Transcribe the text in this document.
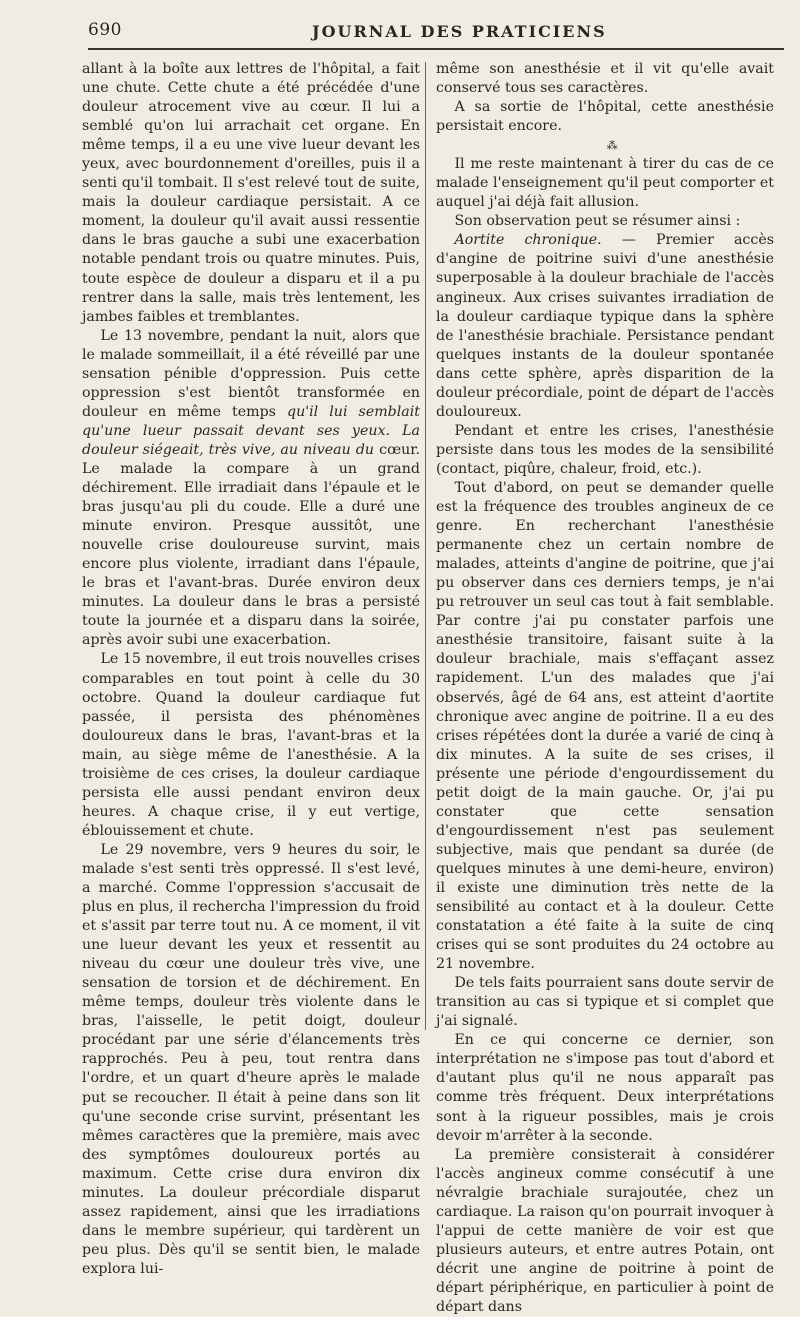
690	JOURNAL DES PRATICIENS

allant à la boîte aux lettres de l'hôpital, a fait une chute. Cette chute a été précédée d'une douleur atrocement vive au cœur. Il lui a semblé qu'on lui arrachait cet organe. En même temps, il a eu une vive lueur devant les yeux, avec bourdonnement d'oreilles, puis il a senti qu'il tombait. Il s'est relevé tout de suite, mais la douleur cardiaque persistait. A ce moment, la douleur qu'il avait aussi ressentie dans le bras gauche a subi une exacerbation notable pendant trois ou quatre minutes. Puis, toute espèce de douleur a disparu et il a pu rentrer dans la salle, mais très lentement, les jambes faibles et tremblantes.

Le 13 novembre, pendant la nuit, alors que le malade sommeillait, il a été réveillé par une sensation pénible d'oppression. Puis cette oppression s'est bientôt transformée en douleur en même temps qu'il lui semblait qu'une lueur passait devant ses yeux. La douleur siégeait, très vive, au niveau du cœur. Le malade la compare à un grand déchirement. Elle irradiait dans l'épaule et le bras jusqu'au pli du coude. Elle a duré une minute environ. Presque aussitôt, une nouvelle crise douloureuse survint, mais encore plus violente, irradiant dans l'épaule, le bras et l'avant-bras. Durée environ deux minutes. La douleur dans le bras a persisté toute la journée et a disparu dans la soirée, après avoir subi une exacerbation.

Le 15 novembre, il eut trois nouvelles crises comparables en tout point à celle du 30 octobre. Quand la douleur cardiaque fut passée, il persista des phénomènes douloureux dans le bras, l'avant-bras et la main, au siège même de l'anesthésie. A la troisième de ces crises, la douleur cardiaque persista elle aussi pendant environ deux heures. A chaque crise, il y eut vertige, éblouissement et chute.

Le 29 novembre, vers 9 heures du soir, le malade s'est senti très oppressé. Il s'est levé, a marché. Comme l'oppression s'accusait de plus en plus, il rechercha l'impression du froid et s'assit par terre tout nu. A ce moment, il vit une lueur devant les yeux et ressentit au niveau du cœur une douleur très vive, une sensation de torsion et de déchirement. En même temps, douleur très violente dans le bras, l'aisselle, le petit doigt, douleur procédant par une série d'élancements très rapprochés. Peu à peu, tout rentra dans l'ordre, et un quart d'heure après le malade put se recoucher. Il était à peine dans son lit qu'une seconde crise survint, présentant les mêmes caractères que la première, mais avec des symptômes douloureux portés au maximum. Cette crise dura environ dix minutes. La douleur précordiale disparut assez rapidement, ainsi que les irradiations dans le membre supérieur, qui tardèrent un peu plus. Dès qu'il se sentit bien, le malade explora lui-

même son anesthésie et il vit qu'elle avait conservé tous ses caractères.

A sa sortie de l'hôpital, cette anesthésie persistait encore.

⁂

Il me reste maintenant à tirer du cas de ce malade l'enseignement qu'il peut comporter et auquel j'ai déjà fait allusion.

Son observation peut se résumer ainsi :

Aortite chronique. — Premier accès d'angine de poitrine suivi d'une anesthésie superposable à la douleur brachiale de l'accès angineux. Aux crises suivantes irradiation de la douleur cardiaque typique dans la sphère de l'anesthésie brachiale. Persistance pendant quelques instants de la douleur spontanée dans cette sphère, après disparition de la douleur précordiale, point de départ de l'accès douloureux.

Pendant et entre les crises, l'anesthésie persiste dans tous les modes de la sensibilité (contact, piqûre, chaleur, froid, etc.).

Tout d'abord, on peut se demander quelle est la fréquence des troubles angineux de ce genre. En recherchant l'anesthésie permanente chez un certain nombre de malades, atteints d'angine de poitrine, que j'ai pu observer dans ces derniers temps, je n'ai pu retrouver un seul cas tout à fait semblable. Par contre j'ai pu constater parfois une anesthésie transitoire, faisant suite à la douleur brachiale, mais s'effaçant assez rapidement. L'un des malades que j'ai observés, âgé de 64 ans, est atteint d'aortite chronique avec angine de poitrine. Il a eu des crises répétées dont la durée a varié de cinq à dix minutes. A la suite de ses crises, il présente une période d'engourdissement du petit doigt de la main gauche. Or, j'ai pu constater que cette sensation d'engourdissement n'est pas seulement subjective, mais que pendant sa durée (de quelques minutes à une demi-heure, environ) il existe une diminution très nette de la sensibilité au contact et à la douleur. Cette constatation a été faite à la suite de cinq crises qui se sont produites du 24 octobre au 21 novembre.

De tels faits pourraient sans doute servir de transition au cas si typique et si complet que j'ai signalé.

En ce qui concerne ce dernier, son interprétation ne s'impose pas tout d'abord et d'autant plus qu'il ne nous apparaît pas comme très fréquent. Deux interprétations sont à la rigueur possibles, mais je crois devoir m'arrêter à la seconde.

La première consisterait à considérer l'accès angineux comme consécutif à une névralgie brachiale surajoutée, chez un cardiaque. La raison qu'on pourrait invoquer à l'appui de cette manière de voir est que plusieurs auteurs, et entre autres Potain, ont décrit une angine de poitrine à point de départ périphérique, en particulier à point de départ dans
